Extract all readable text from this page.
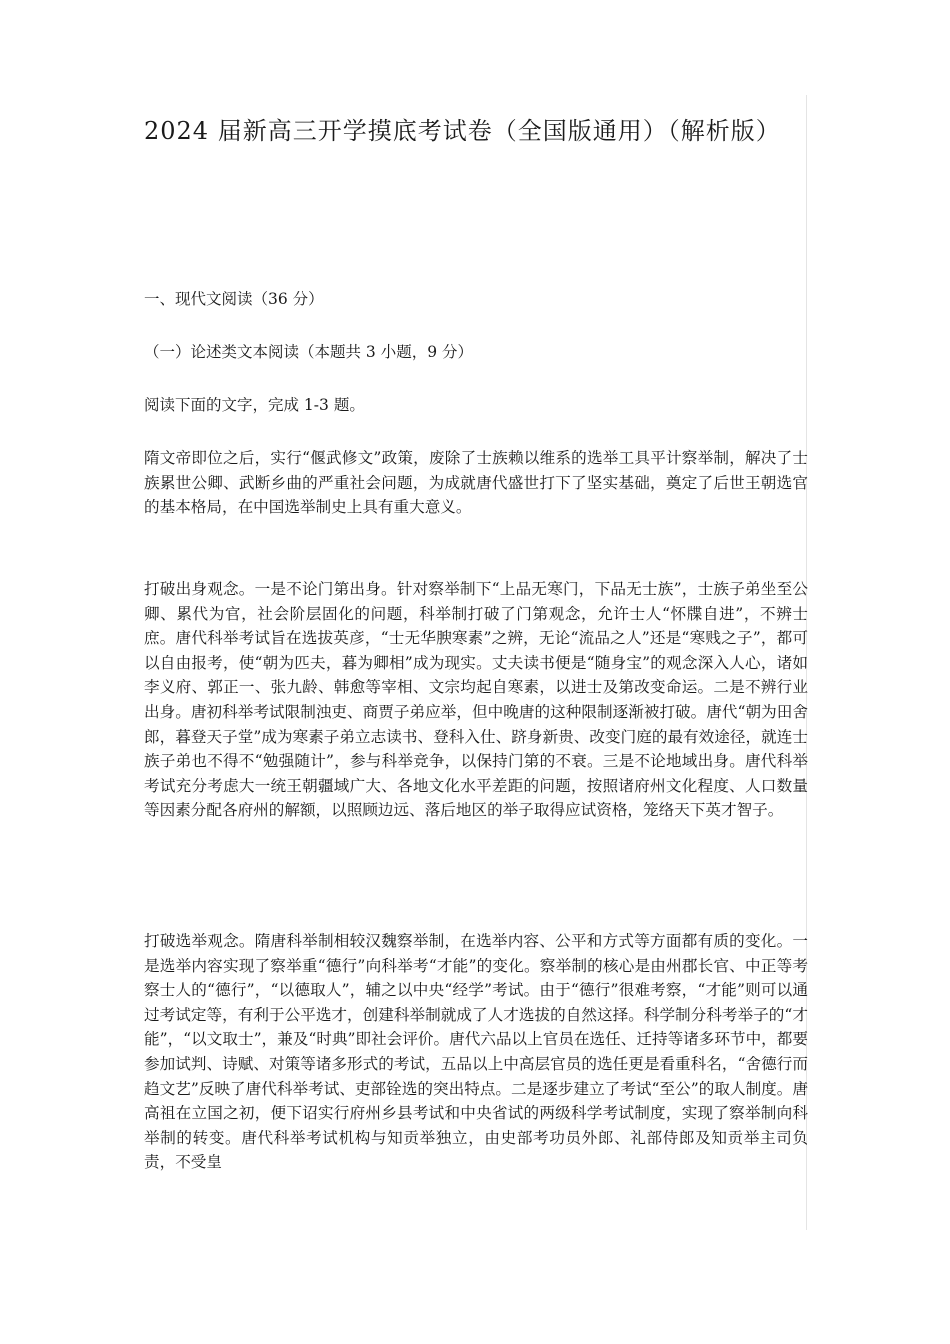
2024 届新高三开学摸底考试卷（全国版通用）（解析版）
一、现代文阅读（36 分）

（一）论述类文本阅读（本题共 3 小题，9 分）

阅读下面的文字，完成 1-3 题。

隋文帝即位之后，实行“偃武修文”政策，废除了士族赖以维系的选举工具平计察举制，解决了士族累世公卿、武断乡曲的严重社会问题，为成就唐代盛世打下了坚实基础，奠定了后世王朝选官的基本格局，在中国选举制史上具有重大意义。

打破出身观念。一是不论门第出身。针对察举制下“上品无寒门，下品无士族”，士族子弟坐至公卿、累代为官，社会阶层固化的问题，科举制打破了门第观念，允许士人“怀牒自进”，不辨士庶。唐代科举考试旨在选拔英彦，“士无华腴寒素”之辨，无论“流品之人”还是“寒贱之子”，都可以自由报考，使“朝为匹夫，暮为卿相”成为现实。丈夫读书便是“随身宝”的观念深入人心，诸如李义府、郭正一、张九龄、韩愈等宰相、文宗均起自寒素，以进士及第改变命运。二是不辨行业出身。唐初科举考试限制浊吏、商贾子弟应举，但中晚唐的这种限制逐渐被打破。唐代“朝为田舍郎，暮登天子堂”成为寒素子弟立志读书、登科入仕、跻身新贵、改变门庭的最有效途径，就连士族子弟也不得不“勉强随计”，参与科举竞争，以保持门第的不衰。三是不论地域出身。唐代科举考试充分考虑大一统王朝疆域广大、各地文化水平差距的问题，按照诸府州文化程度、人口数量等因素分配各府州的解额，以照顾边远、落后地区的举子取得应试资格，笼络天下英才智子。

打破选举观念。隋唐科举制相较汉魏察举制，在选举内容、公平和方式等方面都有质的变化。一是选举内容实现了察举重“德行”向科举考“才能”的变化。察举制的核心是由州郡长官、中正等考察士人的“德行”，“以德取人”，辅之以中央“经学”考试。由于“德行”很难考察，“才能”则可以通过考试定等，有利于公平选才，创建科举制就成了人才选拔的自然这择。科学制分科考举子的“才能”，“以文取士”，兼及“时典”即社会评价。唐代六品以上官员在选任、迁持等诸多环节中，都要参加试判、诗赋、对策等诸多形式的考试，五品以上中高层官员的选任更是看重科名，“舍德行而趋文艺”反映了唐代科举考试、吏部铨选的突出特点。二是逐步建立了考试“至公”的取人制度。唐高祖在立国之初，便下诏实行府州乡县考试和中央省试的两级科学考试制度，实现了察举制向科举制的转变。唐代科举考试机构与知贡举独立，由史部考功员外郎、礼部侍郎及知贡举主司负责，不受皇
